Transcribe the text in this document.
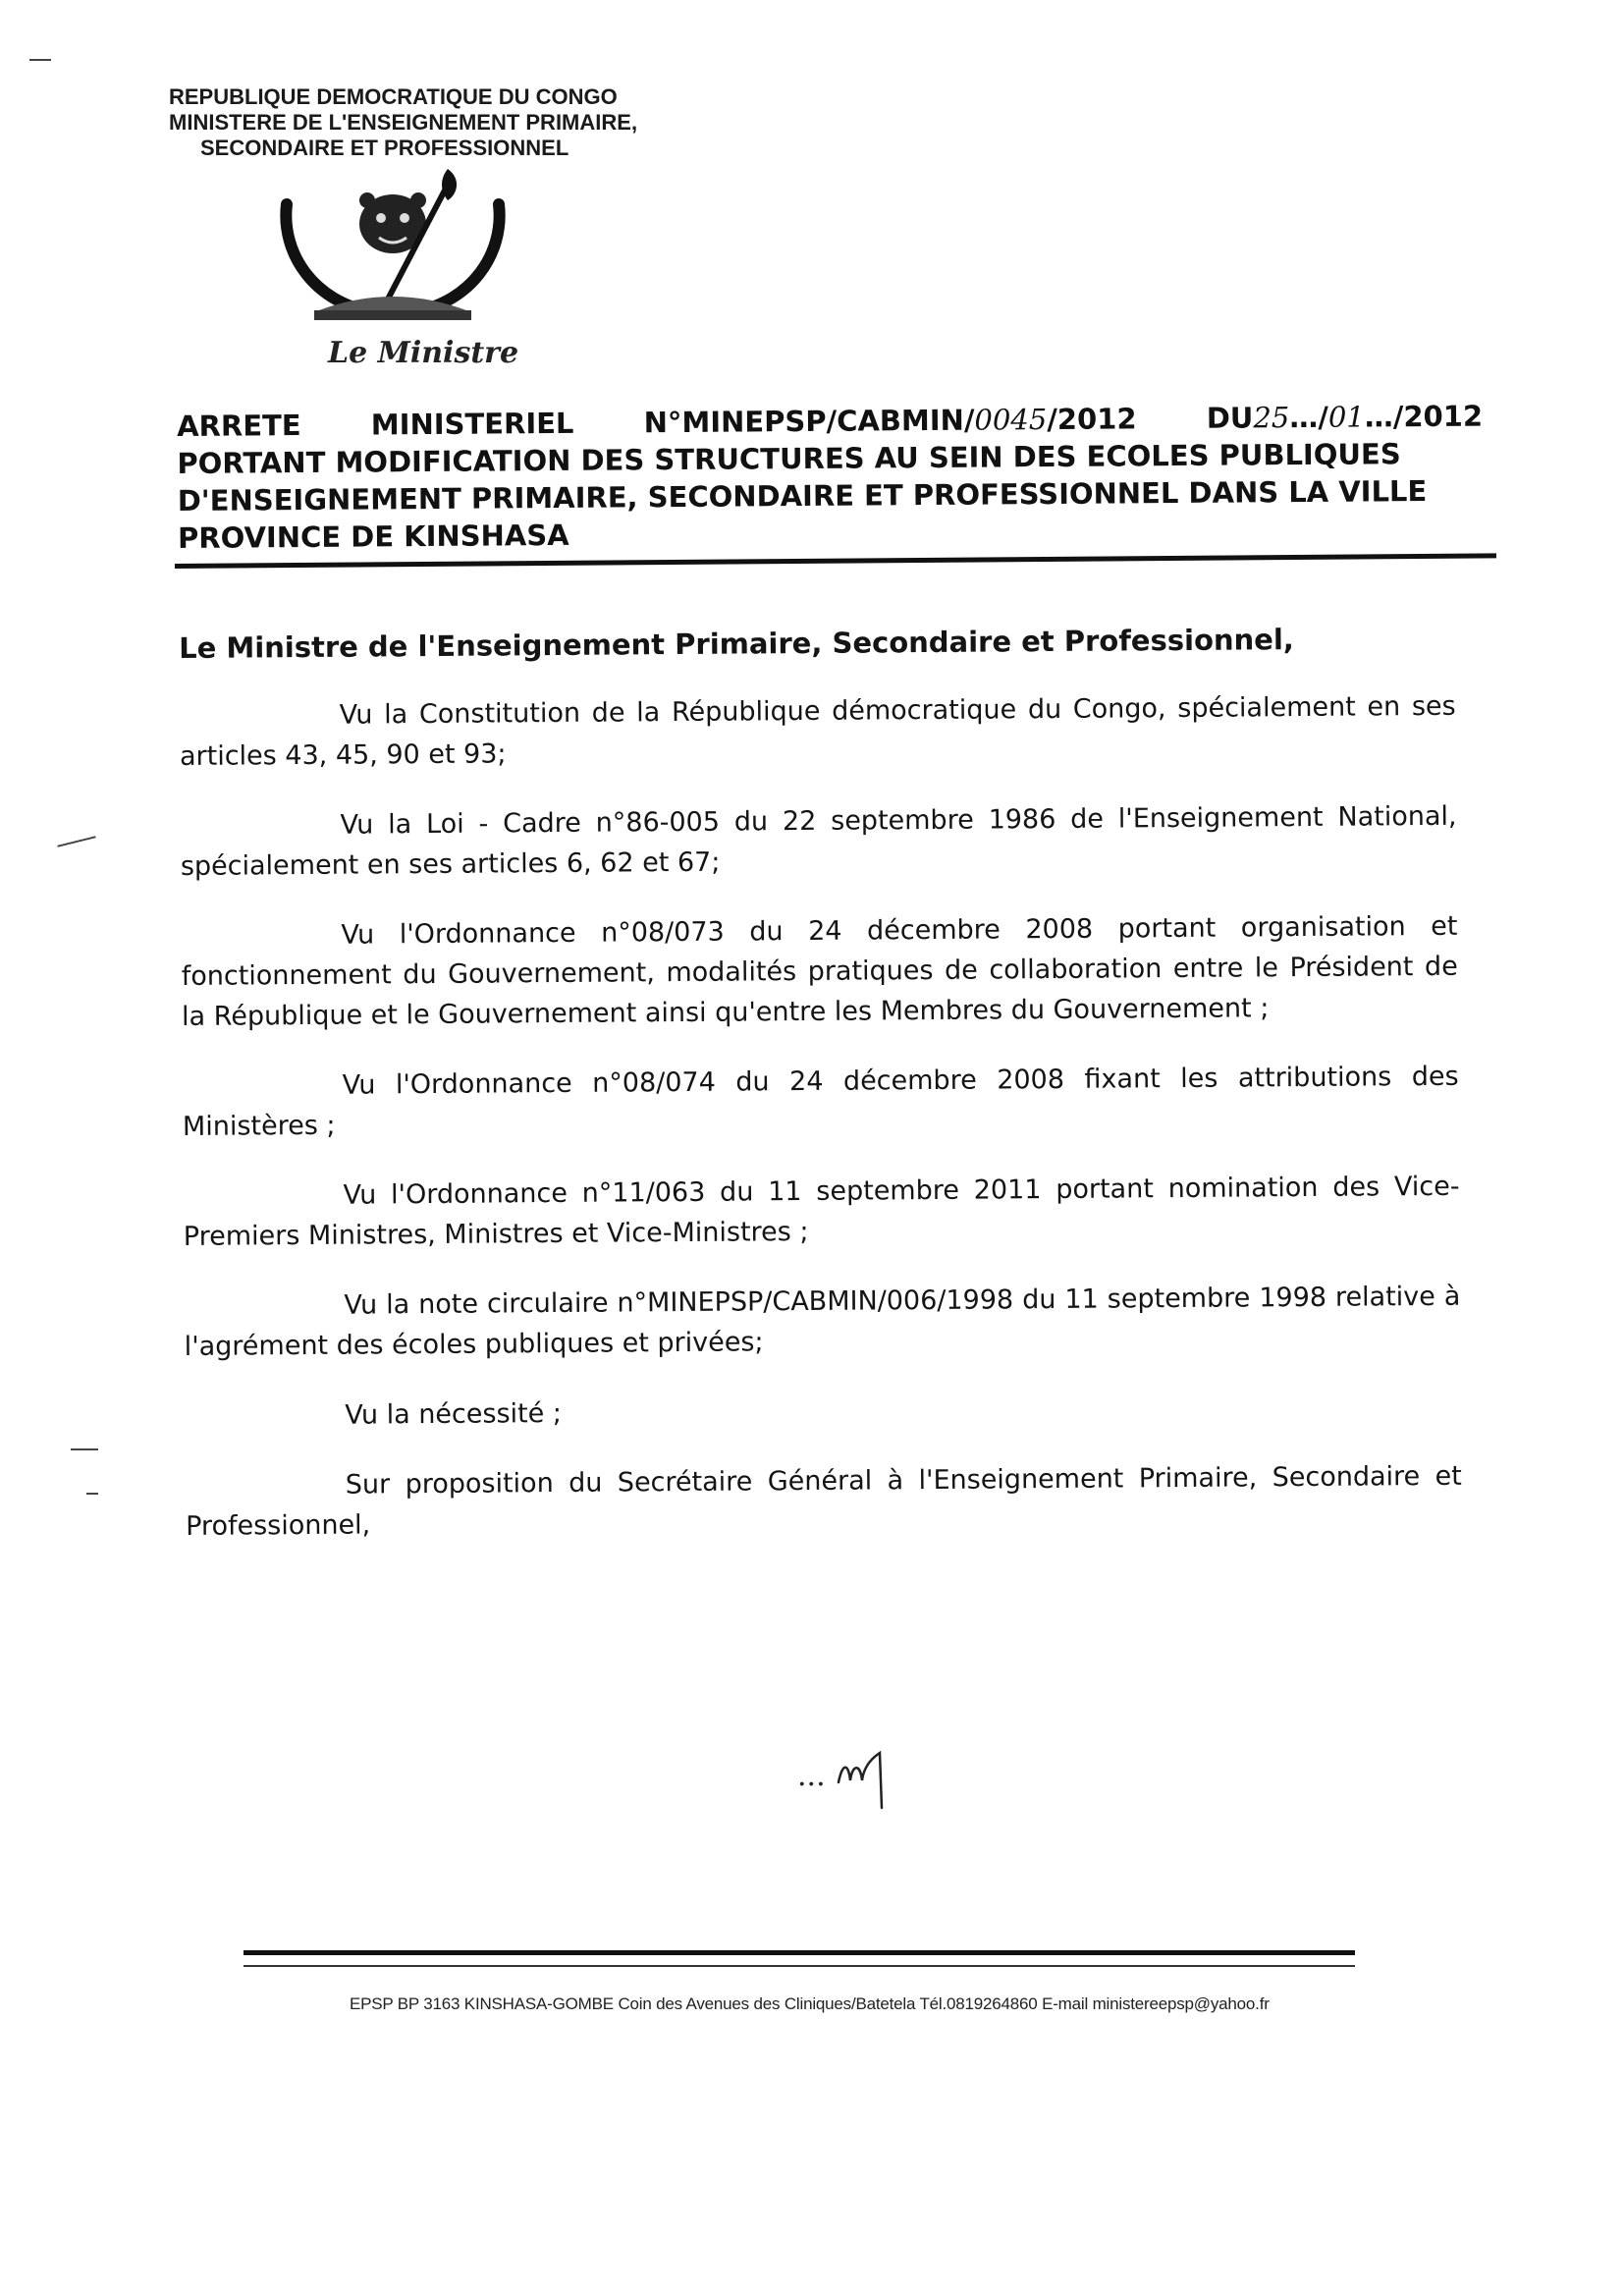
REPUBLIQUE DEMOCRATIQUE DU CONGO
MINISTERE DE L'ENSEIGNEMENT PRIMAIRE,
SECONDAIRE ET PROFESSIONNEL
Le Ministre
ARRETE MINISTERIEL N°MINEPSP/CABMIN/0045/2012 DU25…/01…/2012
PORTANT MODIFICATION DES STRUCTURES AU SEIN DES ECOLES PUBLIQUES
D'ENSEIGNEMENT PRIMAIRE, SECONDAIRE ET PROFESSIONNEL DANS LA VILLE
PROVINCE DE KINSHASA
Le Ministre de l'Enseignement Primaire, Secondaire et Professionnel,

Vu la Constitution de la République démocratique du Congo, spécialement en ses articles 43, 45, 90 et 93;

Vu la Loi - Cadre n°86-005 du 22 septembre 1986 de l'Enseignement National, spécialement en ses articles 6, 62 et 67;

Vu l'Ordonnance n°08/073 du 24 décembre 2008 portant organisation et fonctionnement du Gouvernement, modalités pratiques de collaboration entre le Président de la République et le Gouvernement ainsi qu'entre les Membres du Gouvernement ;

Vu l'Ordonnance n°08/074 du 24 décembre 2008 fixant les attributions des Ministères ;

Vu l'Ordonnance n°11/063 du 11 septembre 2011 portant nomination des Vice-Premiers Ministres, Ministres et Vice-Ministres ;

Vu la note circulaire n°MINEPSP/CABMIN/006/1998 du 11 septembre 1998 relative à l'agrément des écoles publiques et privées;

Vu la nécessité ;

Sur proposition du Secrétaire Général à l'Enseignement Primaire, Secondaire et Professionnel,

...
EPSP BP 3163 KINSHASA-GOMBE Coin des Avenues des Cliniques/Batetela Tél.0819264860 E-mail ministereepsp@yahoo.fr
